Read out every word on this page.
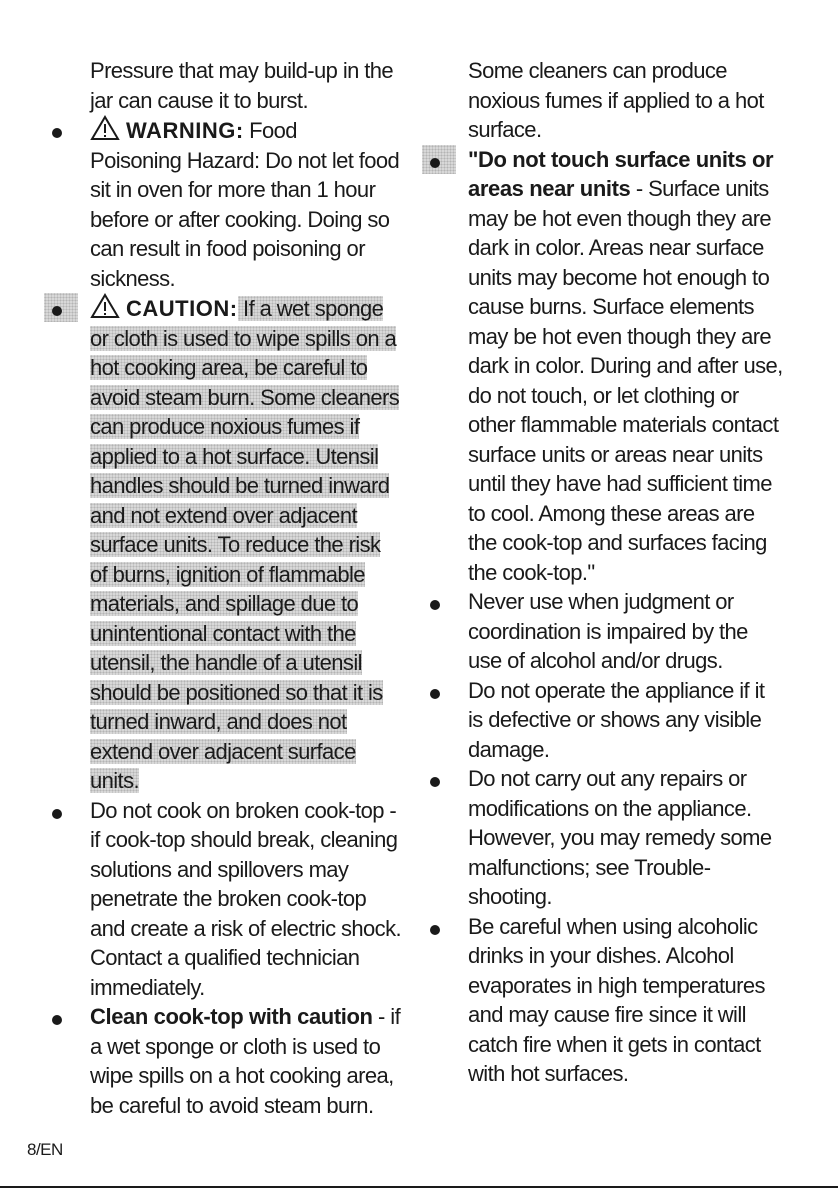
Pressure that may build-up in the
jar can cause it to burst.
WARNING: Food
Poisoning Hazard: Do not let food
sit in oven for more than 1 hour
before or after cooking. Doing so
can result in food poisoning or
sickness.
CAUTION: If a wet sponge
or cloth is used to wipe spills on a
hot cooking area, be careful to
avoid steam burn. Some cleaners
can produce noxious fumes if
applied to a hot surface. Utensil
handles should be turned inward
and not extend over adjacent
surface units. To reduce the risk
of burns, ignition of flammable
materials, and spillage due to
unintentional contact with the
utensil, the handle of a utensil
should be positioned so that it is
turned inward, and does not
extend over adjacent surface
units.
Do not cook on broken cook-top -
if cook-top should break, cleaning
solutions and spillovers may
penetrate the broken cook-top
and create a risk of electric shock.
Contact a qualified technician
immediately.
Clean cook-top with caution - if
a wet sponge or cloth is used to
wipe spills on a hot cooking area,
be careful to avoid steam burn.
Some cleaners can produce
noxious fumes if applied to a hot
surface.
"Do not touch surface units or
areas near units - Surface units
may be hot even though they are
dark in color. Areas near surface
units may become hot enough to
cause burns. Surface elements
may be hot even though they are
dark in color. During and after use,
do not touch, or let clothing or
other flammable materials contact
surface units or areas near units
until they have had sufficient time
to cool. Among these areas are
the cook-top and surfaces facing
the cook-top."
Never use when judgment or
coordination is impaired by the
use of alcohol and/or drugs.
Do not operate the appliance if it
is defective or shows any visible
damage.
Do not carry out any repairs or
modifications on the appliance.
However, you may remedy some
malfunctions; see Trouble-
shooting.
Be careful when using alcoholic
drinks in your dishes. Alcohol
evaporates in high temperatures
and may cause fire since it will
catch fire when it gets in contact
with hot surfaces.
8/EN
